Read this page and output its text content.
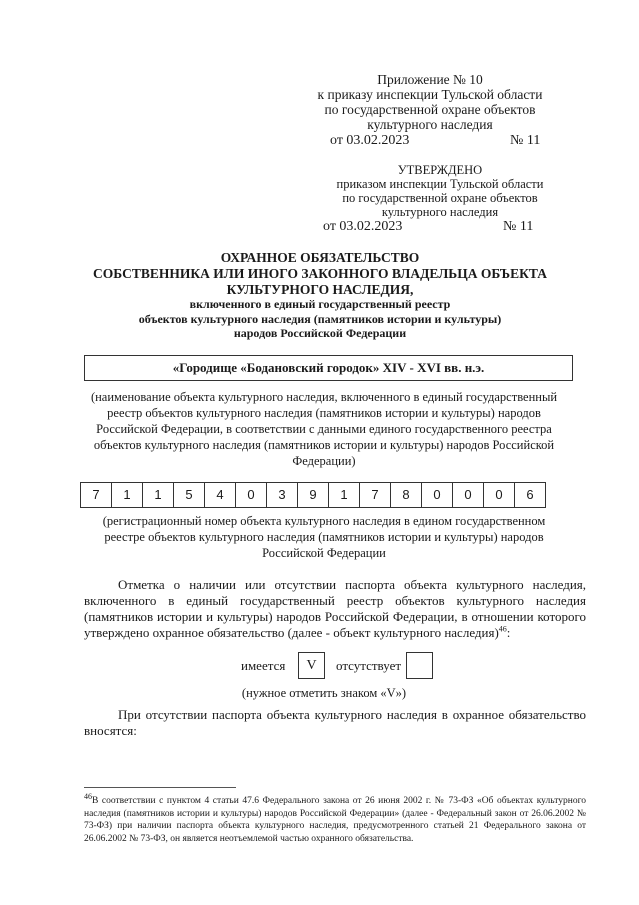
Приложение № 10
к приказу инспекции Тульской области
по государственной охране объектов
культурного наследия
от 03.02.2023	№ 11
УТВЕРЖДЕНО
приказом инспекции Тульской области
по государственной охране объектов
культурного наследия
от 03.02.2023	№ 11
ОХРАННОЕ ОБЯЗАТЕЛЬСТВО
СОБСТВЕННИКА ИЛИ ИНОГО ЗАКОННОГО ВЛАДЕЛЬЦА ОБЪЕКТА
КУЛЬТУРНОГО НАСЛЕДИЯ,
включенного в единый государственный реестр
объектов культурного наследия (памятников истории и культуры)
народов Российской Федерации
«Городище «Бодановский городок» XIV - XVI вв. н.э.
(наименование объекта культурного наследия, включенного в единый государственный реестр объектов культурного наследия (памятников истории и культуры) народов Российской Федерации, в соответствии с данными единого государственного реестра объектов культурного наследия (памятников истории и культуры) народов Российской Федерации)
7	1	1	5	4	0	3	9	1	7	8	0	0	0	6
(регистрационный номер объекта культурного наследия в едином государственном реестре объектов культурного наследия (памятников истории и культуры) народов Российской Федерации
Отметка о наличии или отсутствии паспорта объекта культурного наследия, включенного в единый государственный реестр объектов культурного наследия (памятников истории и культуры) народов Российской Федерации, в отношении которого утверждено охранное обязательство (далее - объект культурного наследия)$^{46}$:
имеется	V	отсутствует
(нужное отметить знаком «V»)
При отсутствии паспорта объекта культурного наследия в охранное обязательство вносятся:
$^{46}$В соответствии с пунктом 4 статьи 47.6 Федерального закона от 26 июня 2002 г. № 73-ФЗ «Об объектах культурного наследия (памятников истории и культуры) народов Российской Федерации» (далее - Федеральный закон от 26.06.2002 № 73-ФЗ) при наличии паспорта объекта культурного наследия, предусмотренного статьей 21 Федерального закона от 26.06.2002 № 73-ФЗ, он является неотъемлемой частью охранного обязательства.
